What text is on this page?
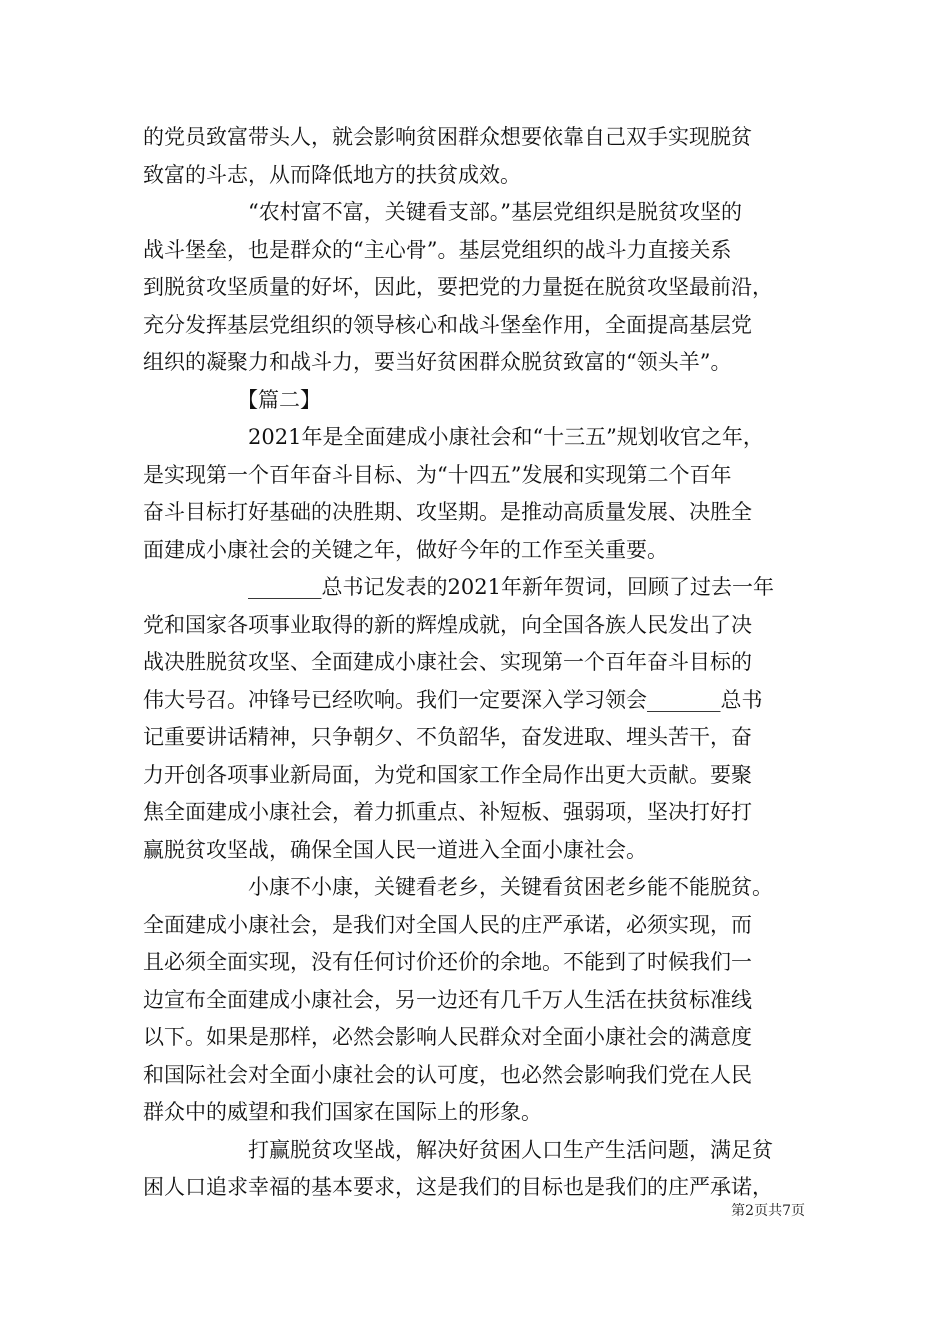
的党员致富带头人，就会影响贫困群众想要依靠自己双手实现脱贫
致富的斗志，从而降低地方的扶贫成效。
“农村富不富，关键看支部。”基层党组织是脱贫攻坚的
战斗堡垒，也是群众的“主心骨”。基层党组织的战斗力直接关系
到脱贫攻坚质量的好坏，因此，要把党的力量挺在脱贫攻坚最前沿，
充分发挥基层党组织的领导核心和战斗堡垒作用，全面提高基层党
组织的凝聚力和战斗力，要当好贫困群众脱贫致富的“领头羊”。
【篇二】
2021年是全面建成小康社会和“十三五”规划收官之年，
是实现第一个百年奋斗目标、为“十四五”发展和实现第二个百年
奋斗目标打好基础的决胜期、攻坚期。是推动高质量发展、决胜全
面建成小康社会的关键之年，做好今年的工作至关重要。
_______总书记发表的2021年新年贺词，回顾了过去一年
党和国家各项事业取得的新的辉煌成就，向全国各族人民发出了决
战决胜脱贫攻坚、全面建成小康社会、实现第一个百年奋斗目标的
伟大号召。冲锋号已经吹响。我们一定要深入学习领会_______总书
记重要讲话精神，只争朝夕、不负韶华，奋发进取、埋头苦干，奋
力开创各项事业新局面，为党和国家工作全局作出更大贡献。要聚
焦全面建成小康社会，着力抓重点、补短板、强弱项，坚决打好打
赢脱贫攻坚战，确保全国人民一道进入全面小康社会。
小康不小康，关键看老乡，关键看贫困老乡能不能脱贫。
全面建成小康社会，是我们对全国人民的庄严承诺，必须实现，而
且必须全面实现，没有任何讨价还价的余地。不能到了时候我们一
边宣布全面建成小康社会，另一边还有几千万人生活在扶贫标准线
以下。如果是那样，必然会影响人民群众对全面小康社会的满意度
和国际社会对全面小康社会的认可度，也必然会影响我们党在人民
群众中的威望和我们国家在国际上的形象。
打赢脱贫攻坚战，解决好贫困人口生产生活问题，满足贫
困人口追求幸福的基本要求，这是我们的目标也是我们的庄严承诺，
第2页共7页
